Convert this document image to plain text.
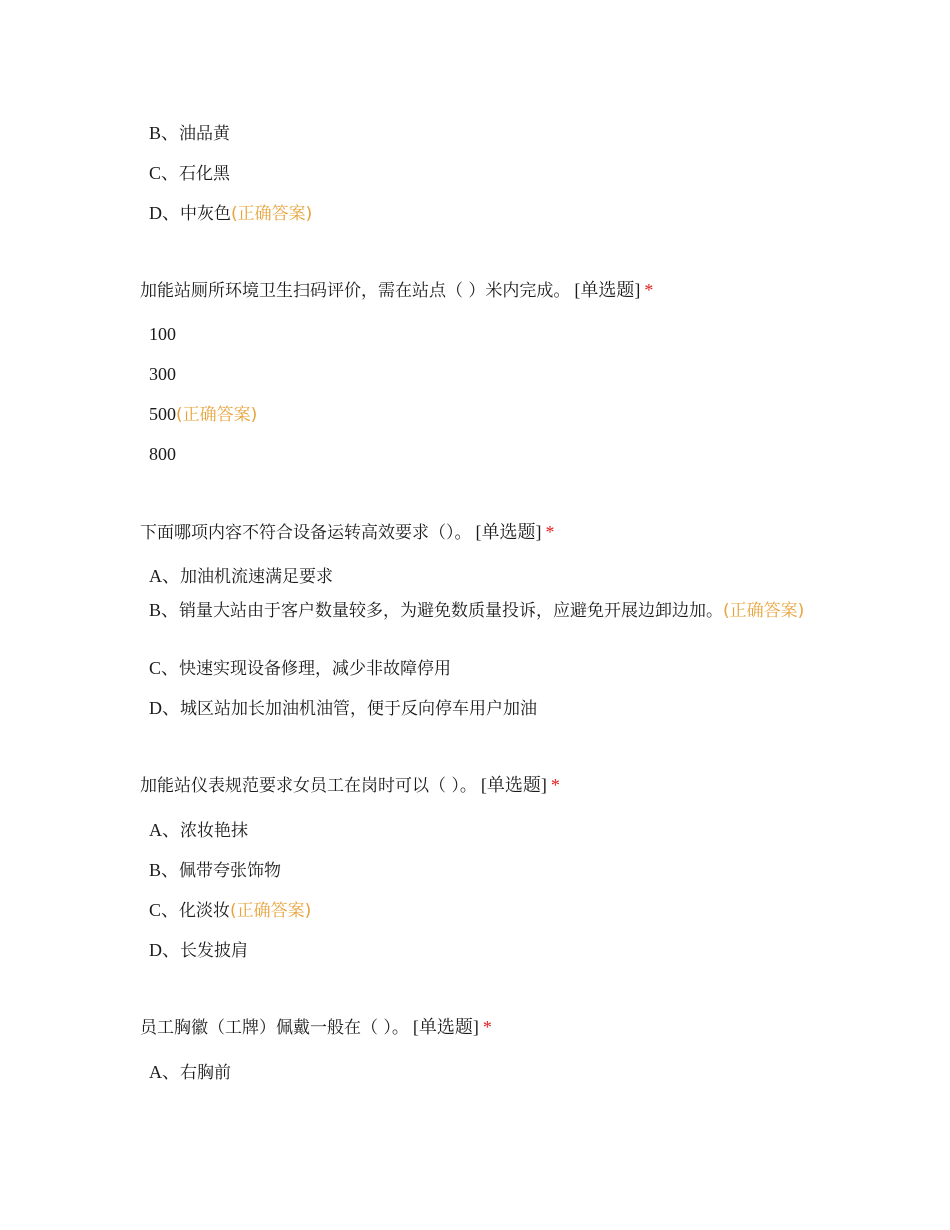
B、油品黄
C、石化黑
D、中灰色(正确答案)
加能站厕所环境卫生扫码评价，需在站点（ ）米内完成。 [单选题] *
100
300
500(正确答案)
800
下面哪项内容不符合设备运转高效要求（）。 [单选题] *
A、加油机流速满足要求
B、销量大站由于客户数量较多，为避免数质量投诉，应避免开展边卸边加。(正确答案)
C、快速实现设备修理，减少非故障停用
D、城区站加长加油机油管，便于反向停车用户加油
加能站仪表规范要求女员工在岗时可以（ ）。 [单选题] *
A、浓妆艳抹
B、佩带夸张饰物
C、化淡妆(正确答案)
D、长发披肩
员工胸徽（工牌）佩戴一般在（ ）。 [单选题] *
A、右胸前
